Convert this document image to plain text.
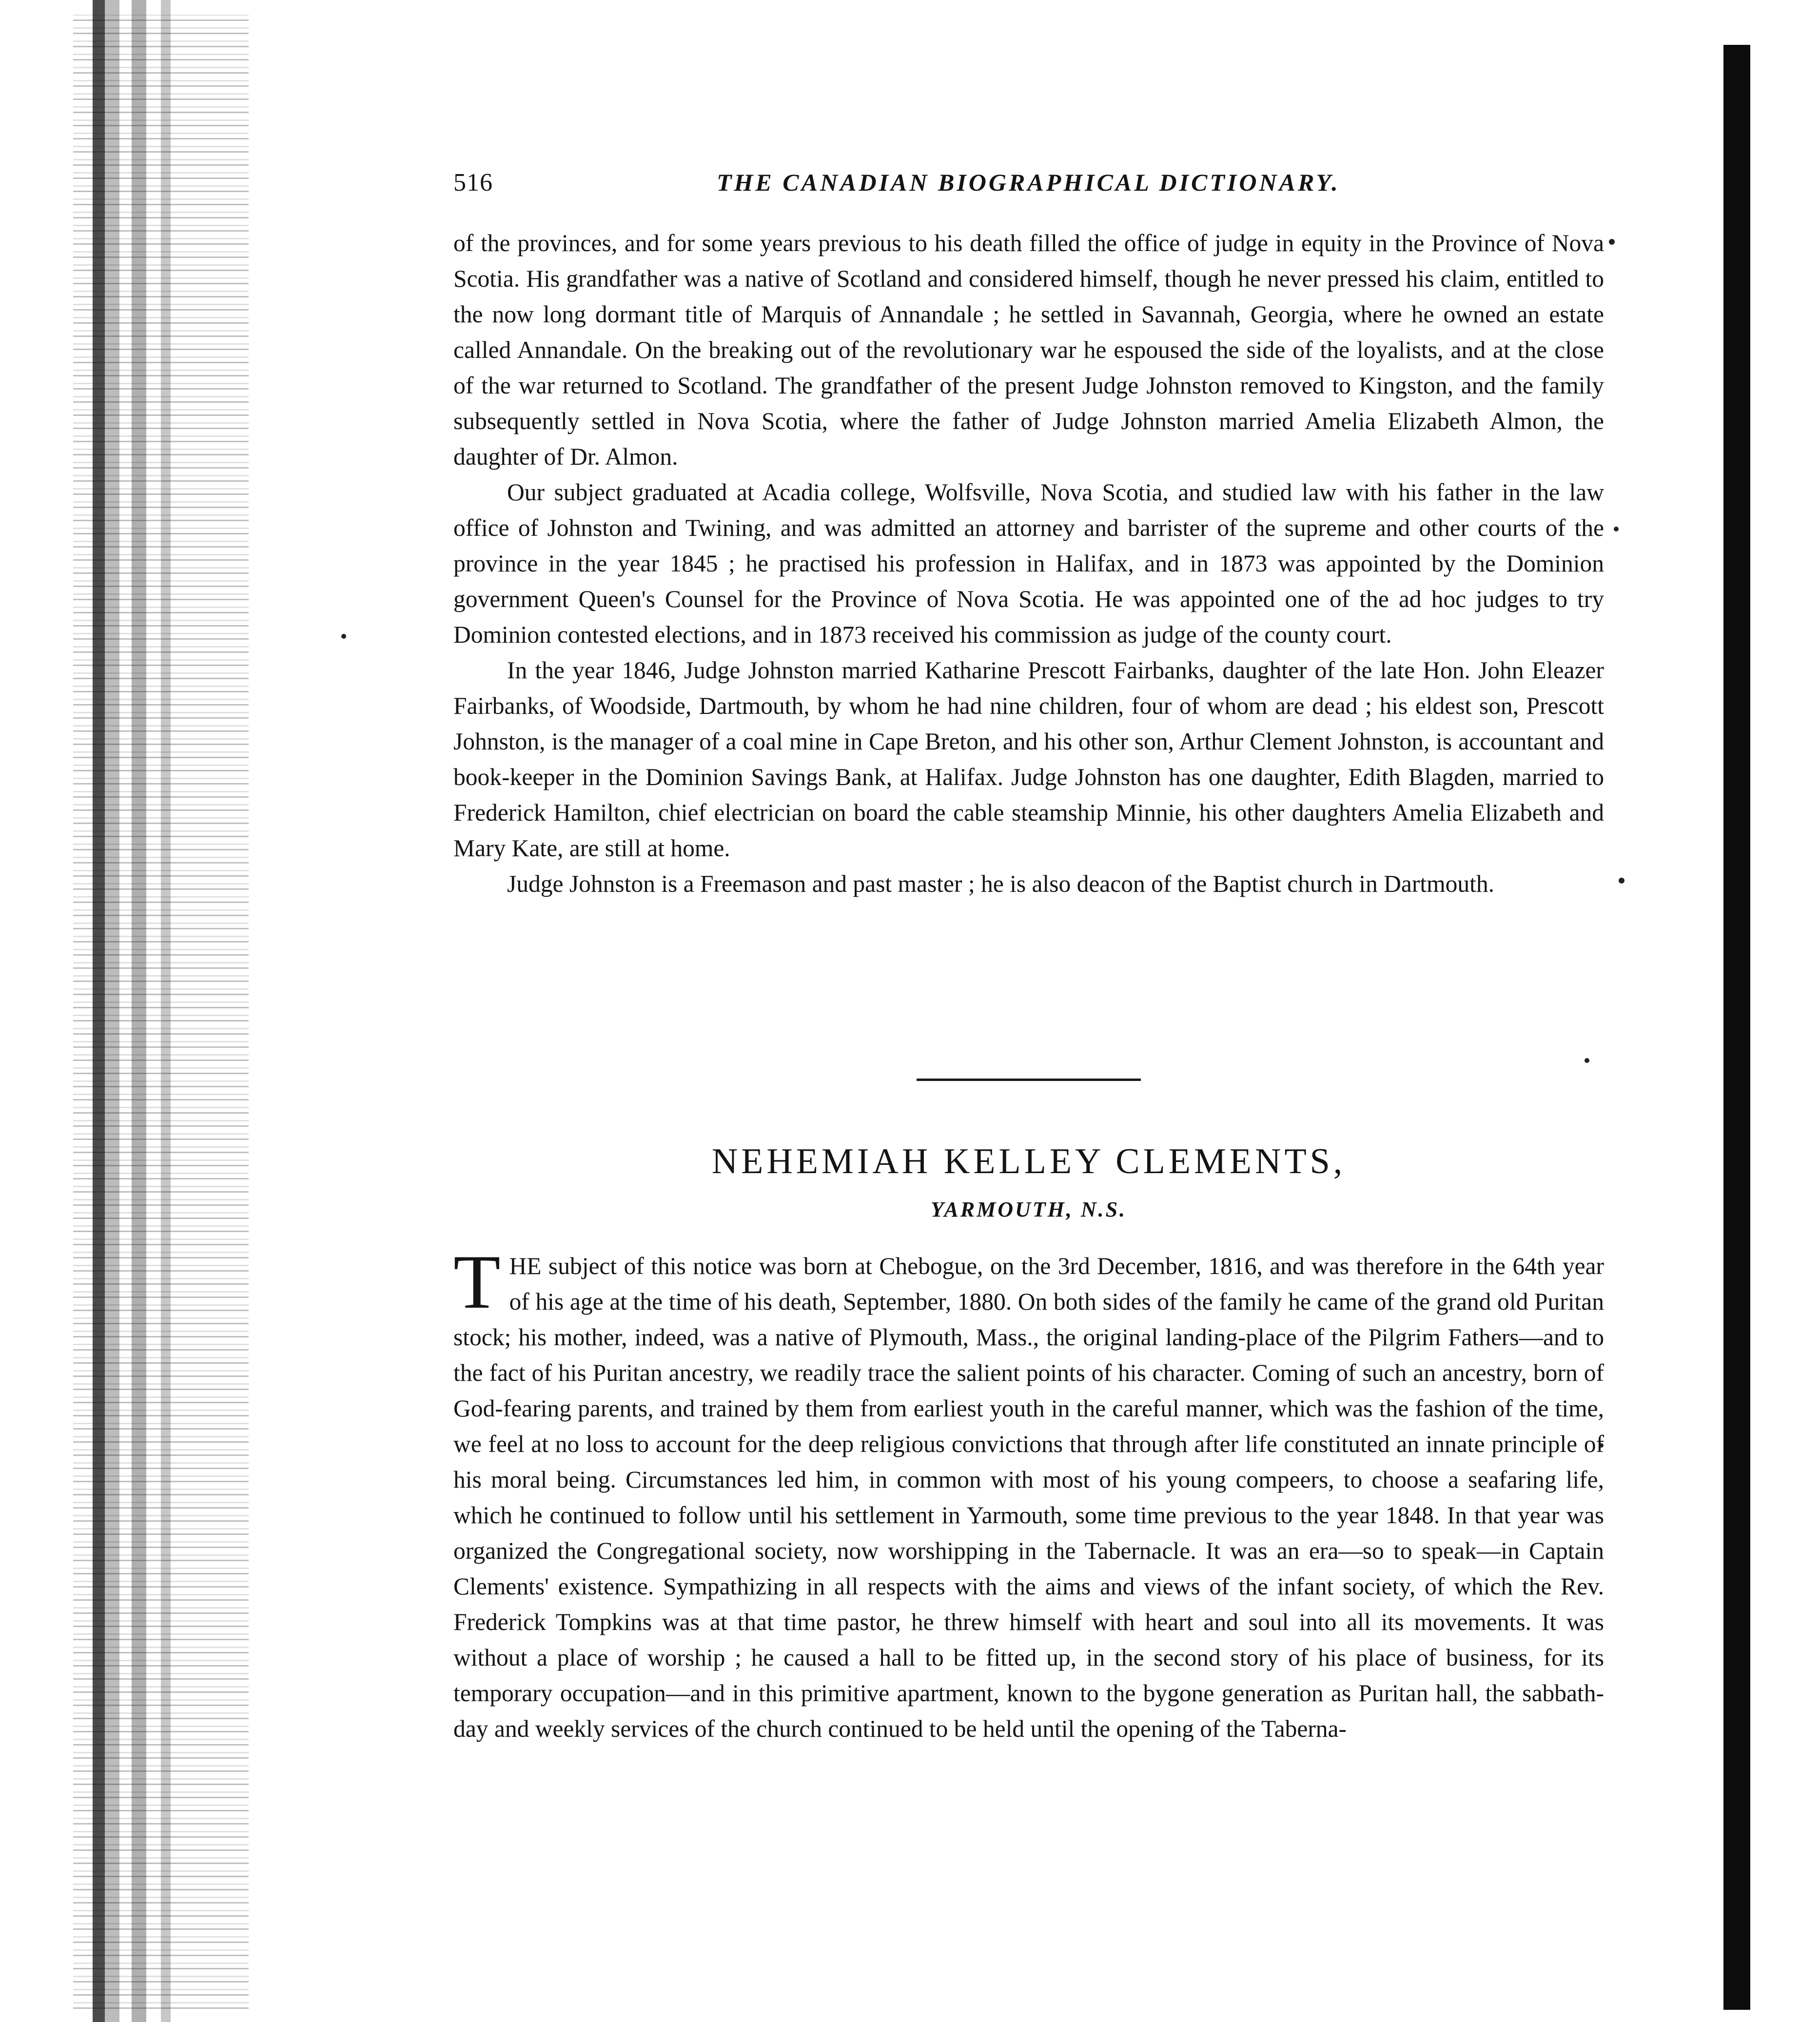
516	THE CANADIAN BIOGRAPHICAL DICTIONARY.

of the provinces, and for some years previous to his death filled the office of judge in equity in the Province of Nova Scotia. His grandfather was a native of Scotland and considered himself, though he never pressed his claim, entitled to the now long dormant title of Marquis of Annandale ; he settled in Savannah, Georgia, where he owned an estate called Annandale. On the breaking out of the revolutionary war he espoused the side of the loyalists, and at the close of the war returned to Scotland. The grandfather of the present Judge Johnston removed to Kingston, and the family subsequently settled in Nova Scotia, where the father of Judge Johnston married Amelia Elizabeth Almon, the daughter of Dr. Almon.

Our subject graduated at Acadia college, Wolfsville, Nova Scotia, and studied law with his father in the law office of Johnston and Twining, and was admitted an attorney and barrister of the supreme and other courts of the province in the year 1845 ; he practised his profession in Halifax, and in 1873 was appointed by the Dominion government Queen's Counsel for the Province of Nova Scotia. He was appointed one of the ad hoc judges to try Dominion contested elections, and in 1873 received his commission as judge of the county court.

In the year 1846, Judge Johnston married Katharine Prescott Fairbanks, daughter of the late Hon. John Eleazer Fairbanks, of Woodside, Dartmouth, by whom he had nine children, four of whom are dead ; his eldest son, Prescott Johnston, is the manager of a coal mine in Cape Breton, and his other son, Arthur Clement Johnston, is accountant and book-keeper in the Dominion Savings Bank, at Halifax. Judge Johnston has one daughter, Edith Blagden, married to Frederick Hamilton, chief electrician on board the cable steamship Minnie, his other daughters Amelia Elizabeth and Mary Kate, are still at home.

Judge Johnston is a Freemason and past master ; he is also deacon of the Baptist church in Dartmouth.

NEHEMIAH KELLEY CLEMENTS,
YARMOUTH, N.S.

THE subject of this notice was born at Chebogue, on the 3rd December, 1816, and was therefore in the 64th year of his age at the time of his death, September, 1880. On both sides of the family he came of the grand old Puritan stock; his mother, indeed, was a native of Plymouth, Mass., the original landing-place of the Pilgrim Fathers—and to the fact of his Puritan ancestry, we readily trace the salient points of his character. Coming of such an ancestry, born of God-fearing parents, and trained by them from earliest youth in the careful manner, which was the fashion of the time, we feel at no loss to account for the deep religious convictions that through after life constituted an innate principle of his moral being. Circumstances led him, in common with most of his young compeers, to choose a seafaring life, which he continued to follow until his settlement in Yarmouth, some time previous to the year 1848. In that year was organized the Congregational society, now worshipping in the Tabernacle. It was an era—so to speak—in Captain Clements' existence. Sympathizing in all respects with the aims and views of the infant society, of which the Rev. Frederick Tompkins was at that time pastor, he threw himself with heart and soul into all its movements. It was without a place of worship ; he caused a hall to be fitted up, in the second story of his place of business, for its temporary occupation—and in this primitive apartment, known to the bygone generation as Puritan hall, the sabbath-day and weekly services of the church continued to be held until the opening of the Taberna-
